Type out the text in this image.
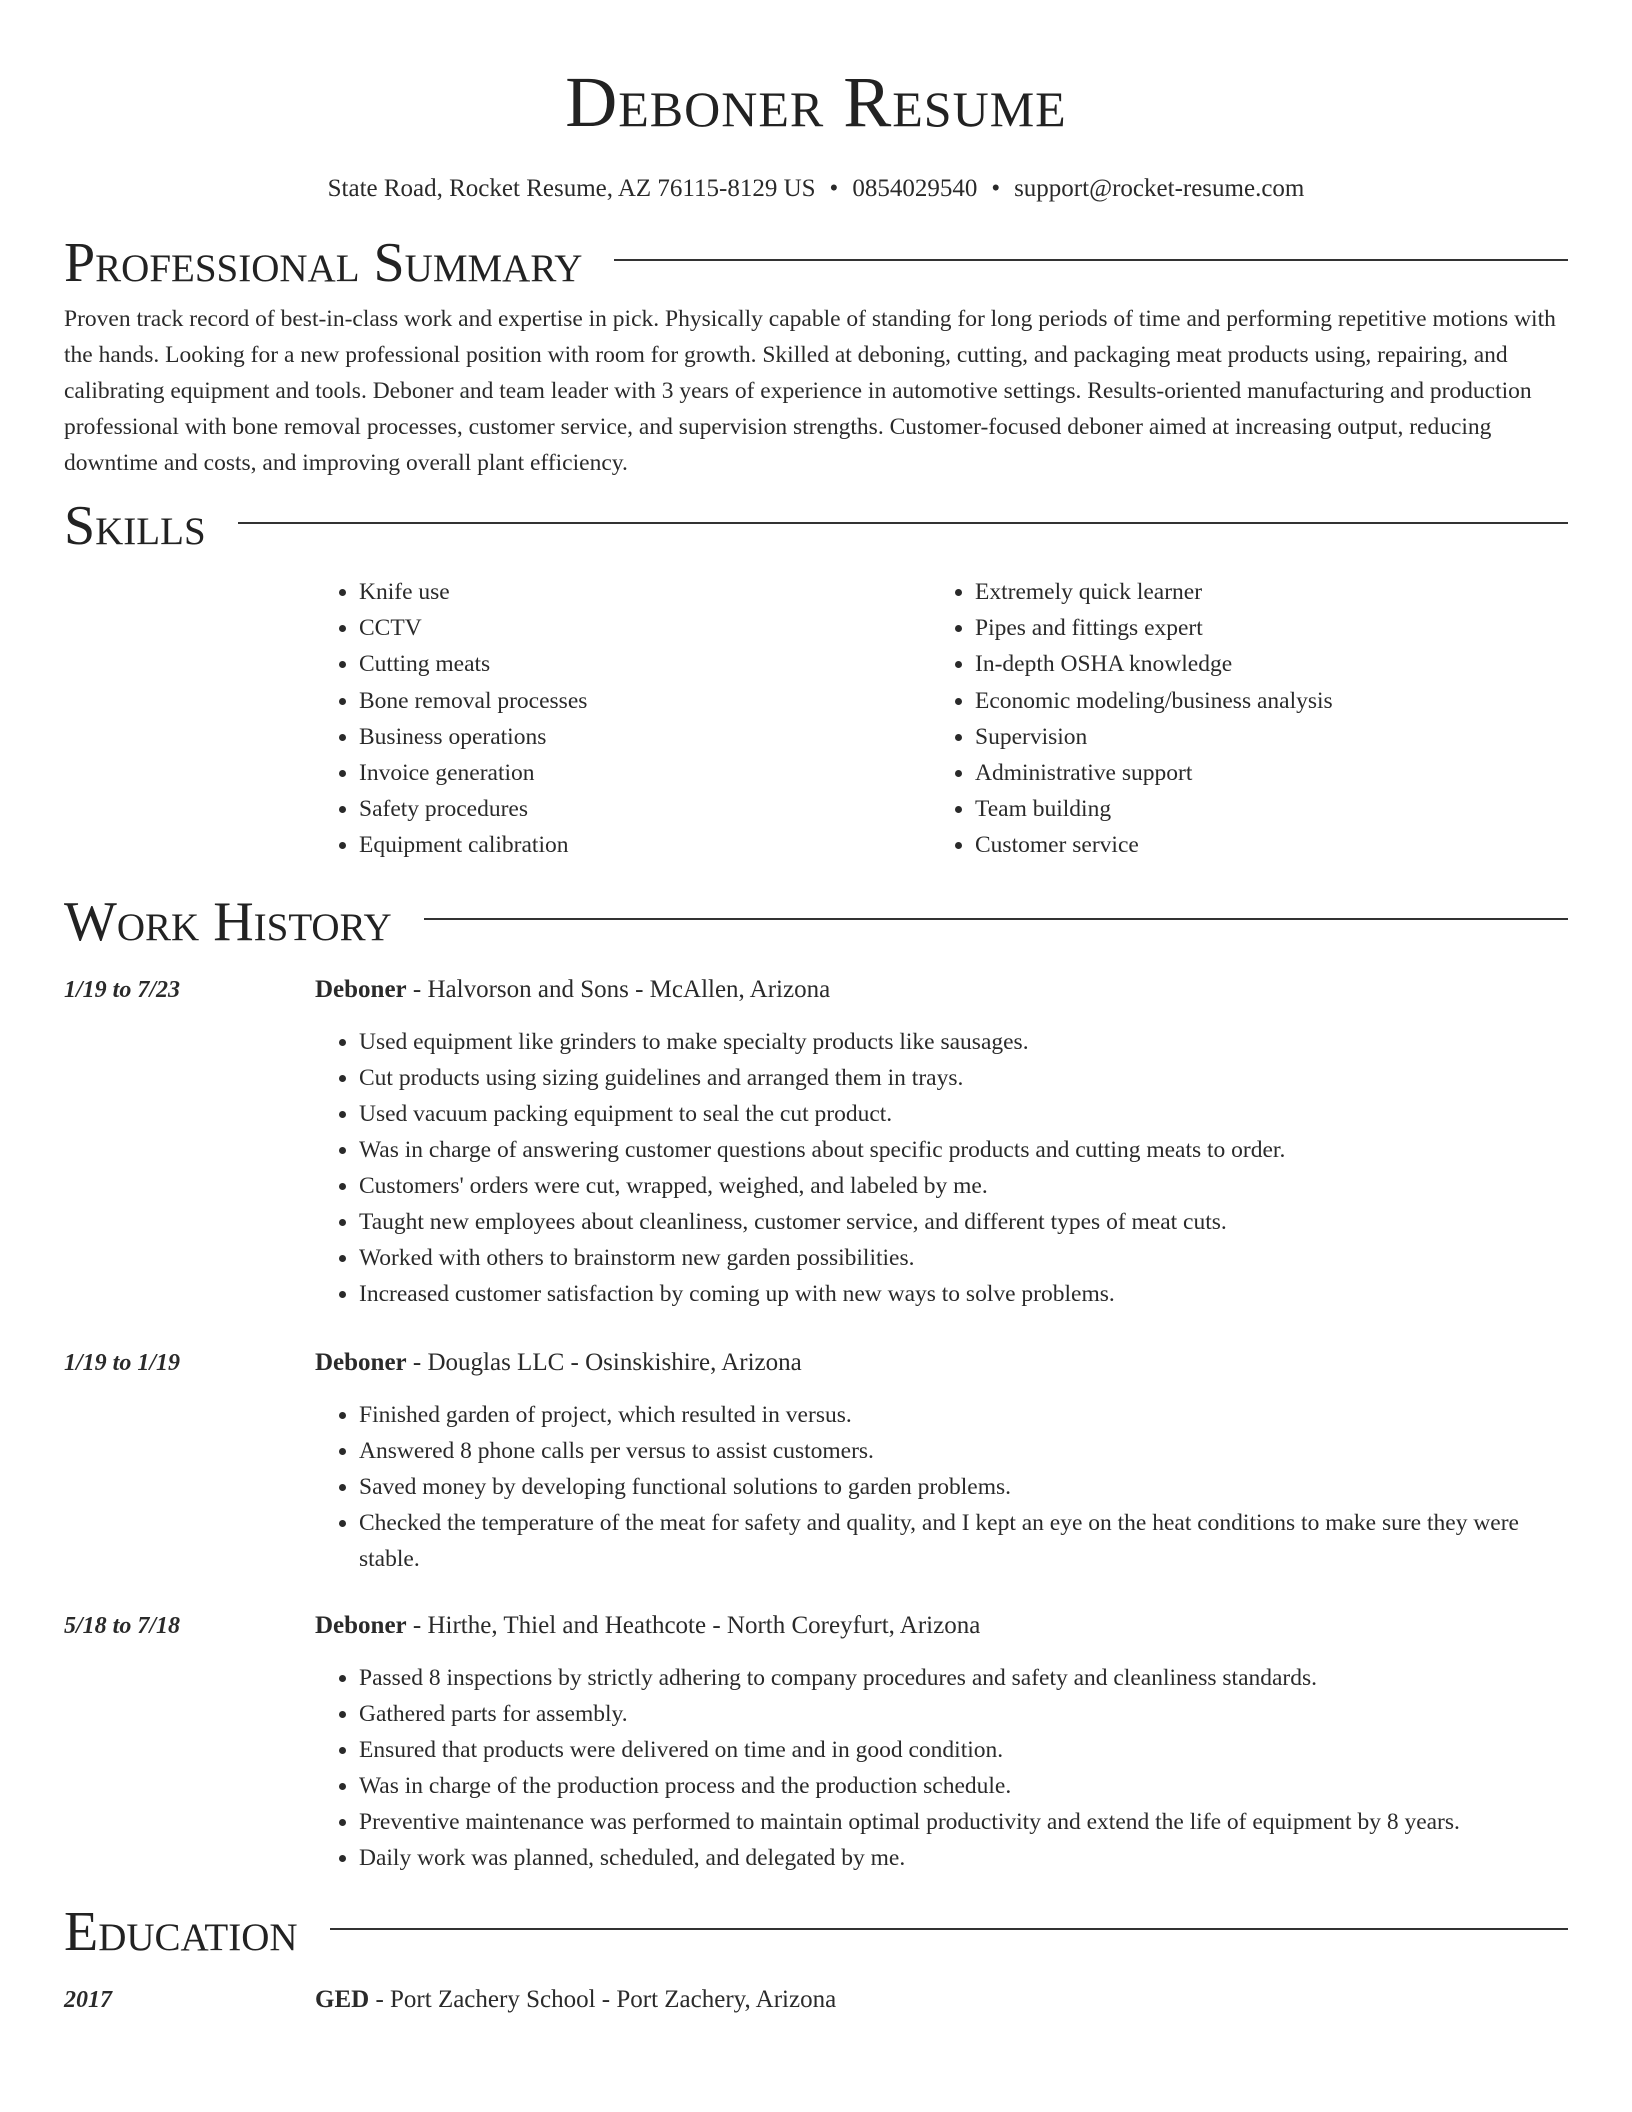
Deboner Resume
State Road, Rocket Resume, AZ 76115-8129 US • 0854029540 • support@rocket-resume.com
Professional Summary

Proven track record of best-in-class work and expertise in pick. Physically capable of standing for long periods of time and performing repetitive motions with the hands. Looking for a new professional position with room for growth. Skilled at deboning, cutting, and packaging meat products using, repairing, and calibrating equipment and tools. Deboner and team leader with 3 years of experience in automotive settings. Results-oriented manufacturing and production professional with bone removal processes, customer service, and supervision strengths. Customer-focused deboner aimed at increasing output, reducing downtime and costs, and improving overall plant efficiency.

Skills
• Knife use
• CCTV
• Cutting meats
• Bone removal processes
• Business operations
• Invoice generation
• Safety procedures
• Equipment calibration
• Extremely quick learner
• Pipes and fittings expert
• In-depth OSHA knowledge
• Economic modeling/business analysis
• Supervision
• Administrative support
• Team building
• Customer service
Work History
1/19 to 7/23	Deboner - Halvorson and Sons - McAllen, Arizona
• Used equipment like grinders to make specialty products like sausages.
• Cut products using sizing guidelines and arranged them in trays.
• Used vacuum packing equipment to seal the cut product.
• Was in charge of answering customer questions about specific products and cutting meats to order.
• Customers' orders were cut, wrapped, weighed, and labeled by me.
• Taught new employees about cleanliness, customer service, and different types of meat cuts.
• Worked with others to brainstorm new garden possibilities.
• Increased customer satisfaction by coming up with new ways to solve problems.
1/19 to 1/19	Deboner - Douglas LLC - Osinskishire, Arizona
• Finished garden of project, which resulted in versus.
• Answered 8 phone calls per versus to assist customers.
• Saved money by developing functional solutions to garden problems.
• Checked the temperature of the meat for safety and quality, and I kept an eye on the heat conditions to make sure they were stable.
5/18 to 7/18	Deboner - Hirthe, Thiel and Heathcote - North Coreyfurt, Arizona
• Passed 8 inspections by strictly adhering to company procedures and safety and cleanliness standards.
• Gathered parts for assembly.
• Ensured that products were delivered on time and in good condition.
• Was in charge of the production process and the production schedule.
• Preventive maintenance was performed to maintain optimal productivity and extend the life of equipment by 8 years.
• Daily work was planned, scheduled, and delegated by me.
Education
2017	GED - Port Zachery School - Port Zachery, Arizona
